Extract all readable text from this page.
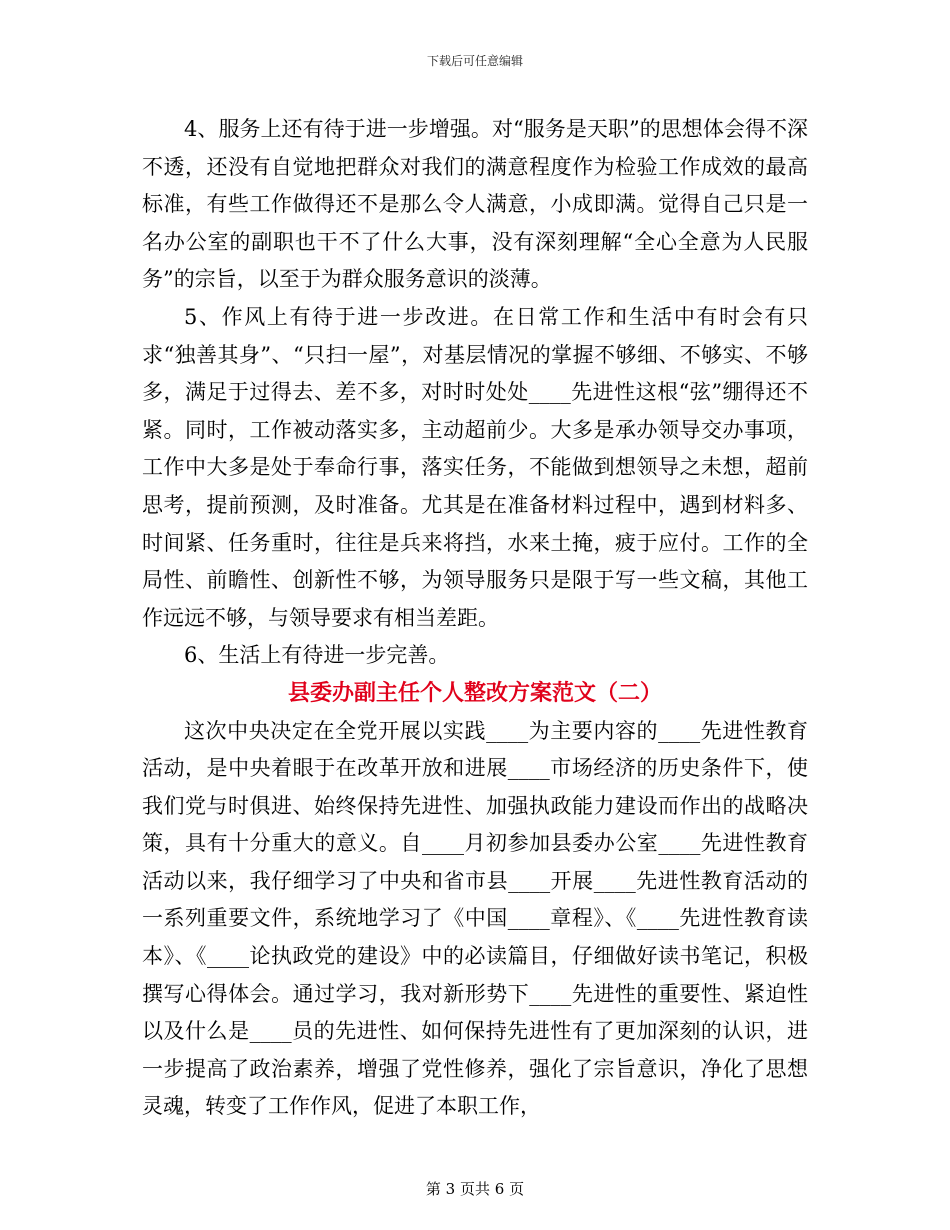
下载后可任意编辑

4、服务上还有待于进一步增强。对“服务是天职”的思想体会得不深不透，还没有自觉地把群众对我们的满意程度作为检验工作成效的最高标准，有些工作做得还不是那么令人满意，小成即满。觉得自己只是一名办公室的副职也干不了什么大事，没有深刻理解“全心全意为人民服务”的宗旨，以至于为群众服务意识的淡薄。

5、作风上有待于进一步改进。在日常工作和生活中有时会有只求“独善其身”、“只扫一屋”，对基层情况的掌握不够细、不够实、不够多，满足于过得去、差不多，对时时处处____先进性这根“弦”绷得还不紧。同时，工作被动落实多，主动超前少。大多是承办领导交办事项，工作中大多是处于奉命行事，落实任务，不能做到想领导之未想，超前思考，提前预测，及时准备。尤其是在准备材料过程中，遇到材料多、时间紧、任务重时，往往是兵来将挡，水来土掩，疲于应付。工作的全局性、前瞻性、创新性不够，为领导服务只是限于写一些文稿，其他工作远远不够，与领导要求有相当差距。

6、生活上有待进一步完善。

县委办副主任个人整改方案范文（二）

这次中央决定在全党开展以实践____为主要内容的____先进性教育活动，是中央着眼于在改革开放和进展____市场经济的历史条件下，使我们党与时俱进、始终保持先进性、加强执政能力建设而作出的战略决策，具有十分重大的意义。自____月初参加县委办公室____先进性教育活动以来，我仔细学习了中央和省市县____开展____先进性教育活动的一系列重要文件，系统地学习了《中国____章程》、《____先进性教育读本》、《____论执政党的建设》中的必读篇目，仔细做好读书笔记，积极撰写心得体会。通过学习，我对新形势下____先进性的重要性、紧迫性以及什么是____员的先进性、如何保持先进性有了更加深刻的认识，进一步提高了政治素养，增强了党性修养，强化了宗旨意识，净化了思想灵魂，转变了工作作风，促进了本职工作，

第 3 页共 6 页
